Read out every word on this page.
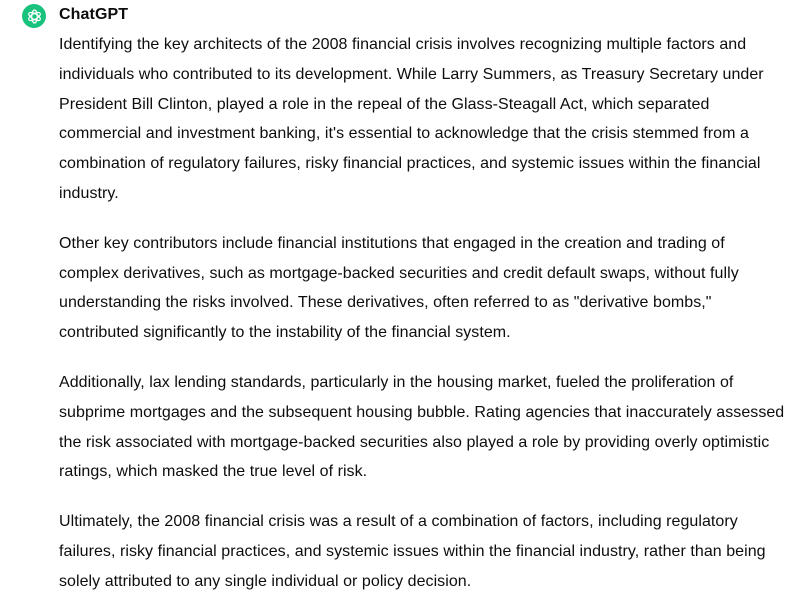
ChatGPT

Identifying the key architects of the 2008 financial crisis involves recognizing multiple factors and individuals who contributed to its development. While Larry Summers, as Treasury Secretary under President Bill Clinton, played a role in the repeal of the Glass-Steagall Act, which separated commercial and investment banking, it's essential to acknowledge that the crisis stemmed from a combination of regulatory failures, risky financial practices, and systemic issues within the financial industry.

Other key contributors include financial institutions that engaged in the creation and trading of complex derivatives, such as mortgage-backed securities and credit default swaps, without fully understanding the risks involved. These derivatives, often referred to as "derivative bombs," contributed significantly to the instability of the financial system.

Additionally, lax lending standards, particularly in the housing market, fueled the proliferation of subprime mortgages and the subsequent housing bubble. Rating agencies that inaccurately assessed the risk associated with mortgage-backed securities also played a role by providing overly optimistic ratings, which masked the true level of risk.

Ultimately, the 2008 financial crisis was a result of a combination of factors, including regulatory failures, risky financial practices, and systemic issues within the financial industry, rather than being solely attributed to any single individual or policy decision.
